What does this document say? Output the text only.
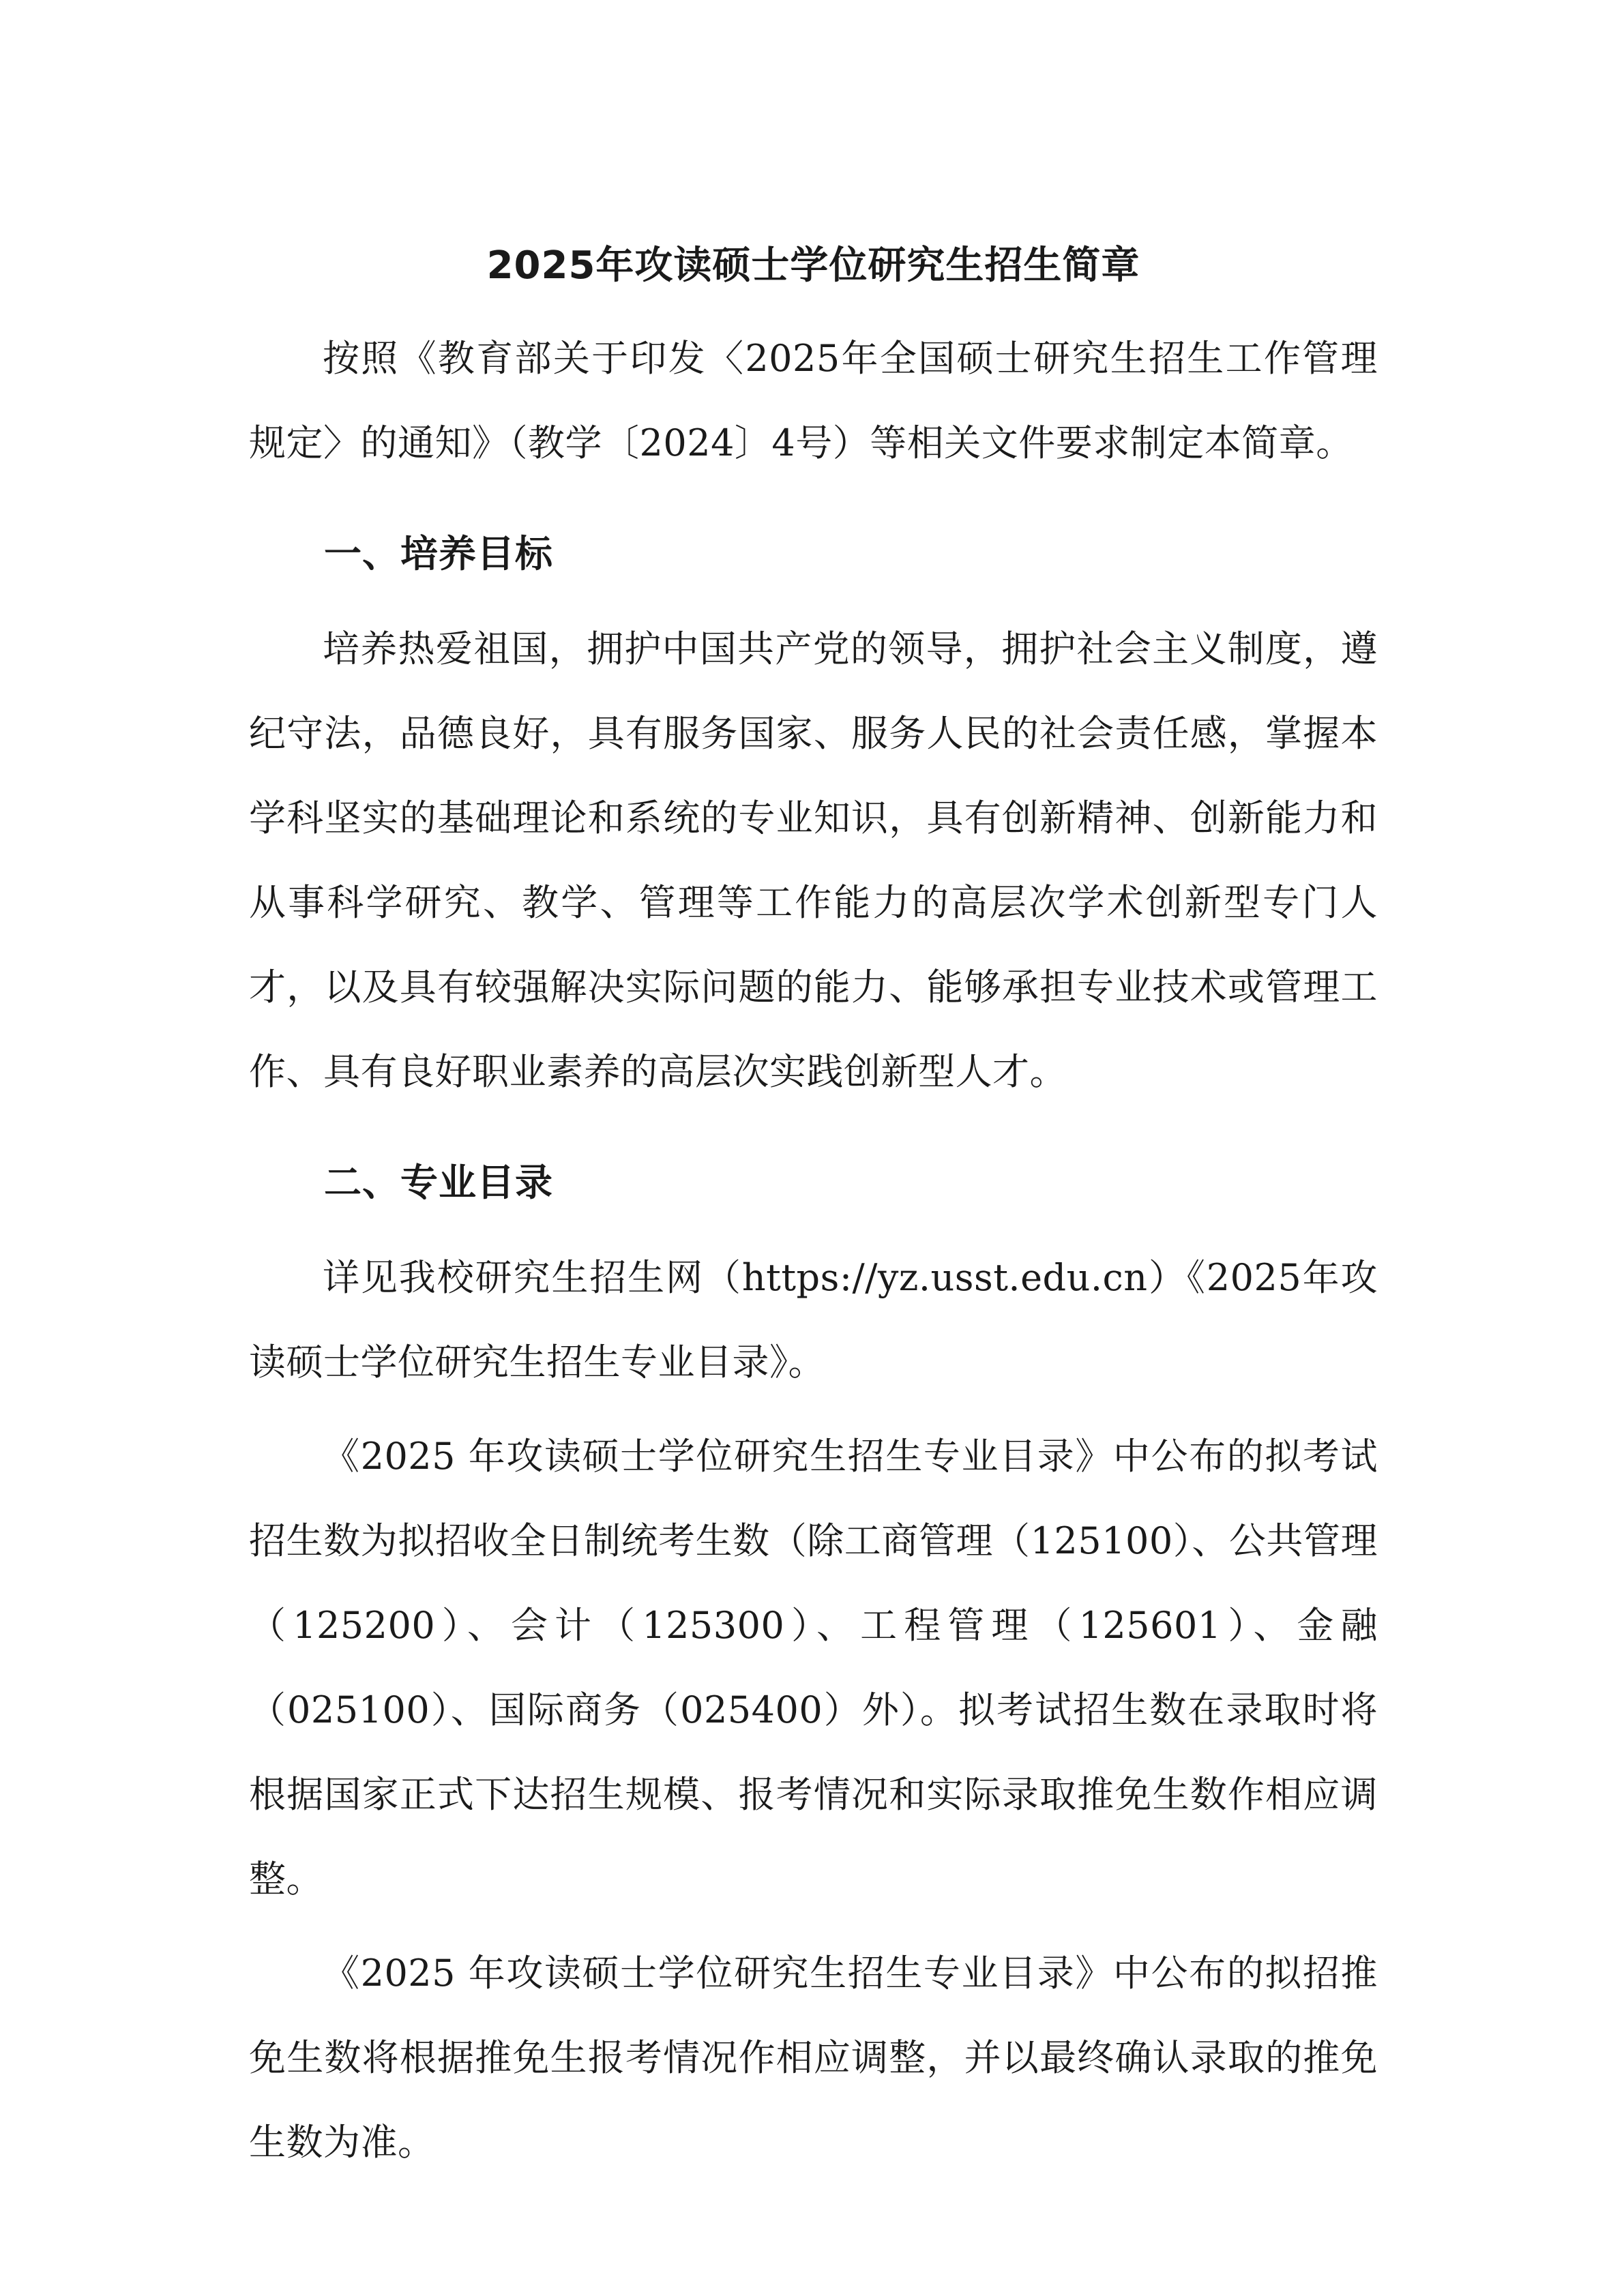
2025年攻读硕士学位研究生招生简章

按照《教育部关于印发〈2025年全国硕士研究生招生工作管理规定〉的通知》（教学〔2024〕4号）等相关文件要求制定本简章。

一、培养目标

培养热爱祖国，拥护中国共产党的领导，拥护社会主义制度，遵纪守法，品德良好，具有服务国家、服务人民的社会责任感，掌握本学科坚实的基础理论和系统的专业知识，具有创新精神、创新能力和从事科学研究、教学、管理等工作能力的高层次学术创新型专门人才，以及具有较强解决实际问题的能力、能够承担专业技术或管理工作、具有良好职业素养的高层次实践创新型人才。

二、专业目录

详见我校研究生招生网（https://yz.usst.edu.cn）《2025年攻读硕士学位研究生招生专业目录》。

《2025 年攻读硕士学位研究生招生专业目录》中公布的拟考试招生数为拟招收全日制统考生数（除工商管理（125100）、公共管理（125200）、会计（125300）、工程管理（125601）、金融（025100）、国际商务（025400）外）。拟考试招生数在录取时将根据国家正式下达招生规模、报考情况和实际录取推免生数作相应调整。

《2025 年攻读硕士学位研究生招生专业目录》中公布的拟招推免生数将根据推免生报考情况作相应调整，并以最终确认录取的推免生数为准。
